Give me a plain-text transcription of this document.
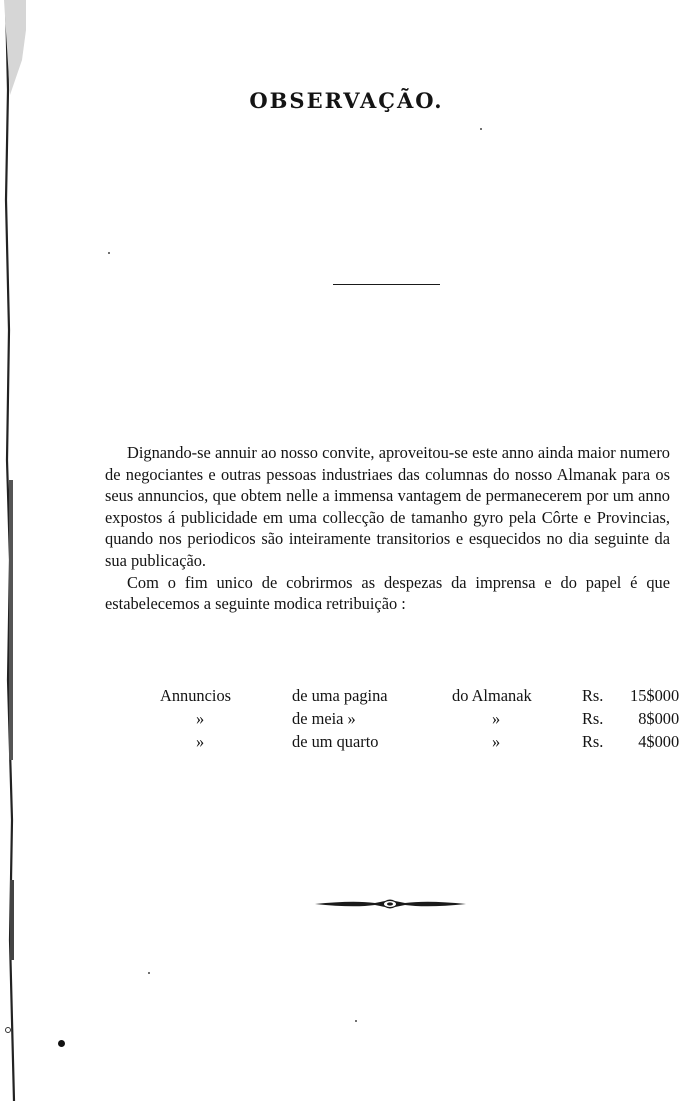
OBSERVAÇÃO.

Dignando-se annuir ao nosso convite, aproveitou-se este anno ainda maior numero de negociantes e outras pessoas industriaes das columnas do nosso Almanak para os seus annuncios, que obtem nelle a immensa vantagem de permanecerem por um anno expostos á publicidade em uma collecção de tamanho gyro pela Côrte e Provincias, quando nos periodicos são inteiramente transitorios e esquecidos no dia seguinte da sua publicação.

Com o fim unico de cobrirmos as despezas da imprensa e do papel é que estabelecemos a seguinte modica retribuição :

Annuncios	de uma pagina	do Almanak	Rs.	15$000
»	de meia »	»	Rs.	8$000
»	de um quarto	»	Rs.	4$000
